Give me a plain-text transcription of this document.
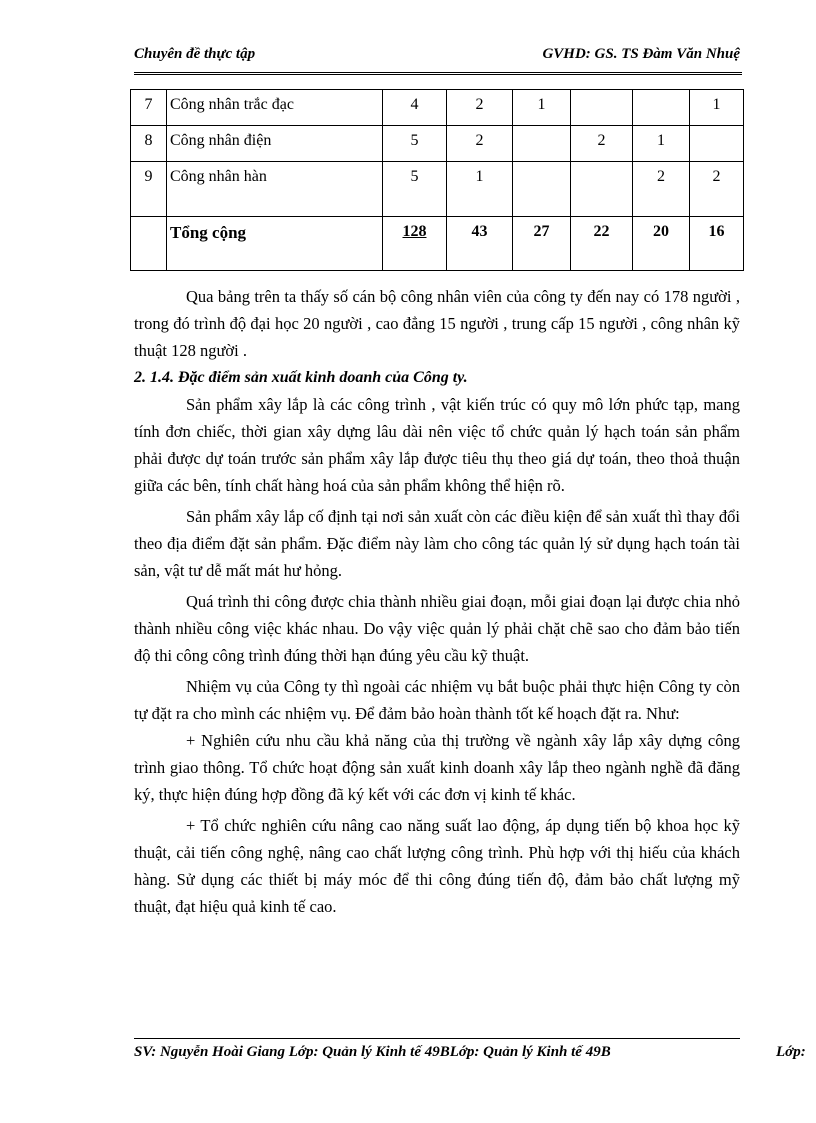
Chuyên đề thực tập	GVHD: GS. TS Đàm Văn Nhuệ
7	Công nhân trắc đạc	4	2	1			1
8	Công nhân điện	5	2		2	1	
9	Công nhân hàn	5	1			2	2
	Tổng cộng	128	43	27	22	20	16

Qua bảng trên ta thấy số cán bộ công nhân viên của công ty đến nay có 178 người , trong đó trình độ đại học 20 người , cao đẳng 15 người , trung cấp 15 người , công nhân kỹ thuật 128 người .

2. 1.4. Đặc điểm sản xuất kinh doanh của Công ty.

Sản phẩm xây lắp là các công trình , vật kiến trúc có quy mô lớn phức tạp, mang tính đơn chiếc, thời gian xây dựng lâu dài nên việc tổ chức quản lý hạch toán sản phẩm phải được dự toán trước sản phẩm xây lắp được tiêu thụ theo giá dự toán, theo thoả thuận giữa các bên, tính chất hàng hoá của sản phẩm không thể hiện rõ.

Sản phẩm xây lắp cố định tại nơi sản xuất còn các điều kiện để sản xuất thì thay đổi theo địa điểm đặt sản phẩm. Đặc điểm này làm cho công tác quản lý sử dụng hạch toán tài sản, vật tư dễ mất mát hư hỏng.

Quá trình thi công được chia thành nhiều giai đoạn, mỗi giai đoạn lại được chia nhỏ thành nhiều công việc khác nhau. Do vậy việc quản lý phải chặt chẽ sao cho đảm bảo tiến độ thi công công trình đúng thời hạn đúng yêu cầu kỹ thuật.

Nhiệm vụ của Công ty thì ngoài các nhiệm vụ bắt buộc phải thực hiện Công ty còn tự đặt ra cho mình các nhiệm vụ. Để đảm bảo hoàn thành tốt kế hoạch đặt ra. Như:

+ Nghiên cứu nhu cầu khả năng của thị trường về ngành xây lắp xây dựng công trình giao thông. Tổ chức hoạt động sản xuất kinh doanh xây lắp theo ngành nghề đã đăng ký, thực hiện đúng hợp đồng đã ký kết với các đơn vị kinh tế khác.

+ Tổ chức nghiên cứu nâng cao năng suất lao động, áp dụng tiến bộ khoa học kỹ thuật, cải tiến công nghệ, nâng cao chất lượng công trình. Phù hợp với thị hiếu của khách hàng. Sử dụng các thiết bị máy móc để thi công đúng tiến độ, đảm bảo chất lượng mỹ thuật, đạt hiệu quả kinh tế cao.

SV: Nguyễn Hoài Giang Lớp: Quản lý Kinh tế 49BLớp: Quản lý Kinh tế 49B	Lớp:
